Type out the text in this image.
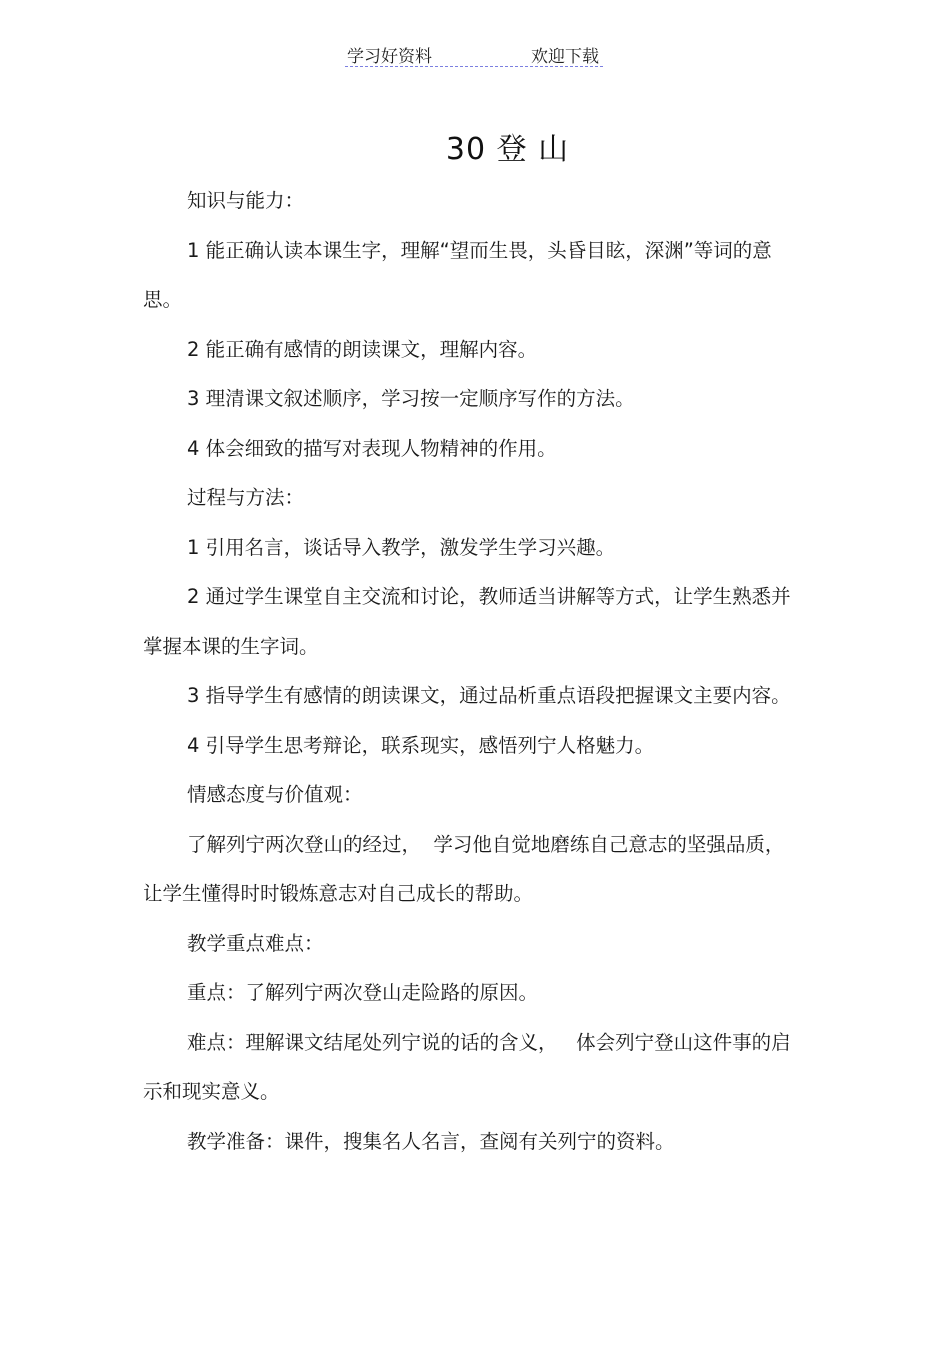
学习好资料	欢迎下载
30 登 山

知识与能力：

1 能正确认读本课生字，理解“望而生畏，头昏目眩，深渊”等词的意思。

2 能正确有感情的朗读课文，理解内容。

3 理清课文叙述顺序，学习按一定顺序写作的方法。

4 体会细致的描写对表现人物精神的作用。

过程与方法：

1 引用名言，谈话导入教学，激发学生学习兴趣。

2 通过学生课堂自主交流和讨论，教师适当讲解等方式，让学生熟悉并掌握本课的生字词。

3 指导学生有感情的朗读课文，通过品析重点语段把握课文主要内容。

4 引导学生思考辩论，联系现实，感悟列宁人格魅力。

情感态度与价值观：

了解列宁两次登山的经过，  学习他自觉地磨练自己意志的坚强品质，让学生懂得时时锻炼意志对自己成长的帮助。

教学重点难点：

重点：了解列宁两次登山走险路的原因。

难点：理解课文结尾处列宁说的话的含义，   体会列宁登山这件事的启示和现实意义。

教学准备：课件，搜集名人名言，查阅有关列宁的资料。
